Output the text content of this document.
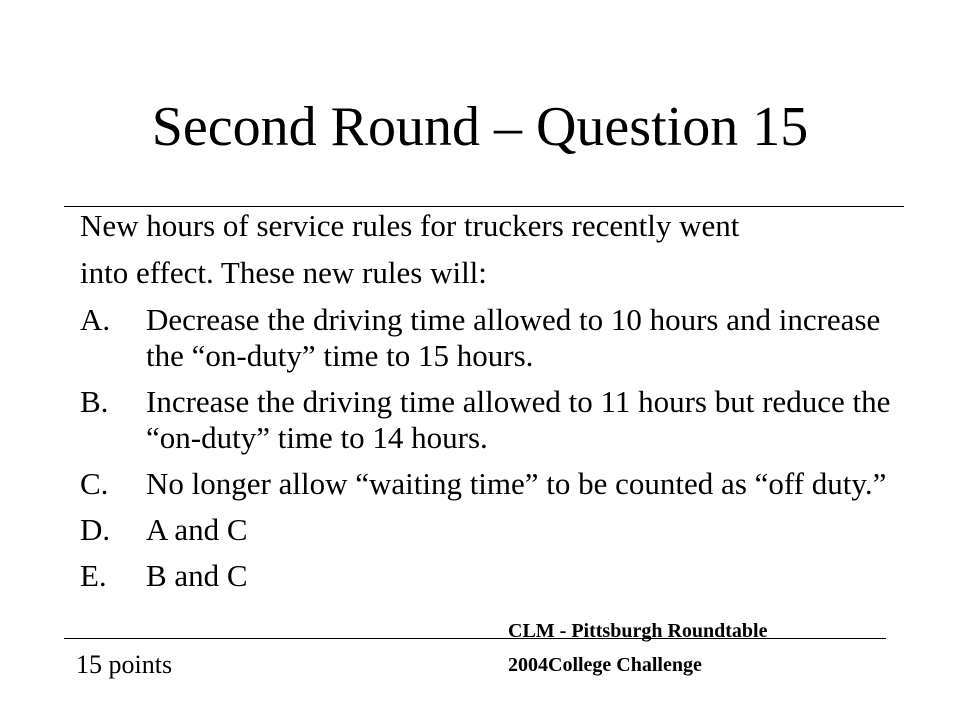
Second Round – Question 15
New hours of service rules for truckers recently went
into effect. These new rules will:
A.	Decrease the driving time allowed to 10 hours and increase the “on-duty” time to 15 hours.
B.	Increase the driving time allowed to 11 hours but reduce the “on-duty” time to 14 hours.
C.	No longer allow “waiting time” to be counted as “off duty.”
D.	A and C
E.	B and C
15 points
CLM - Pittsburgh Roundtable
2004College Challenge
